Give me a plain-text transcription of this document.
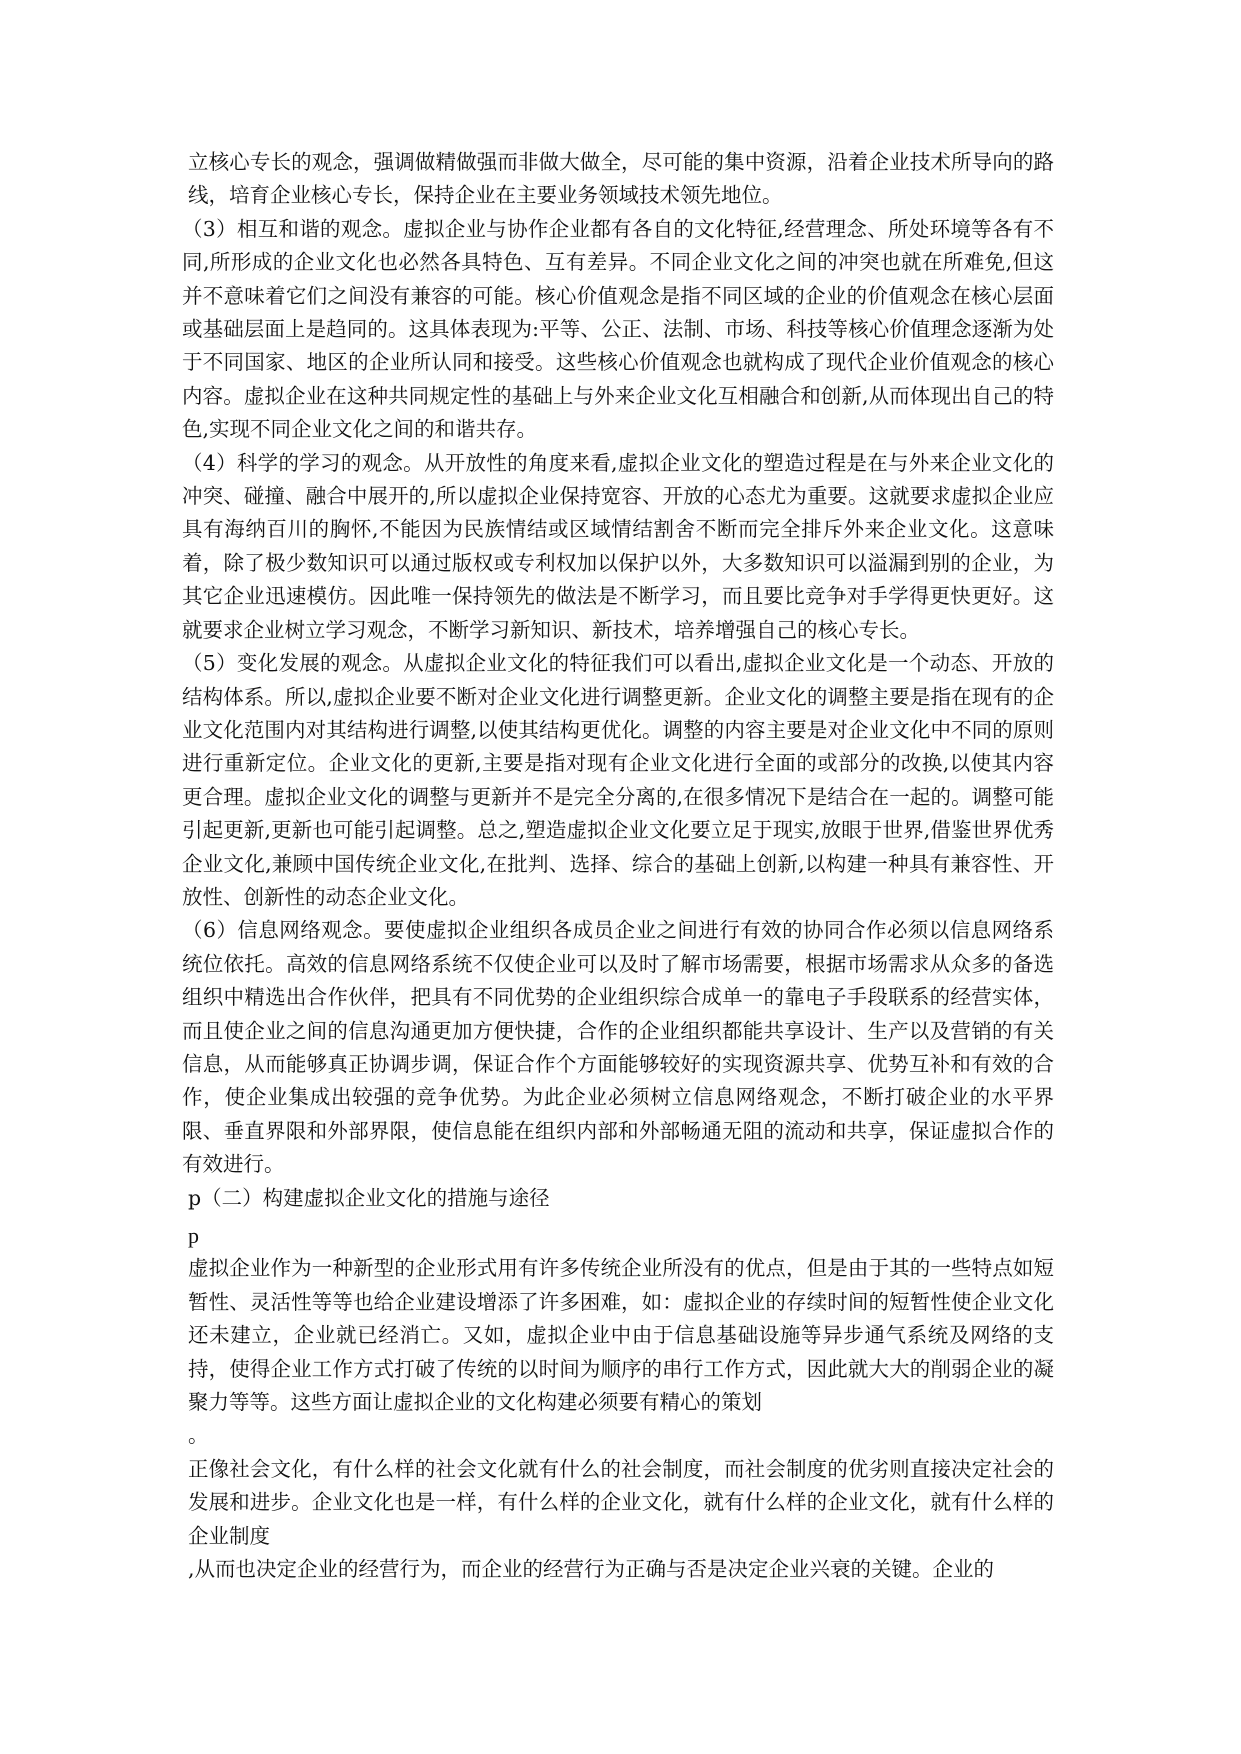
立核心专长的观念，强调做精做强而非做大做全，尽可能的集中资源，沿着企业技术所导向的路线，培育企业核心专长，保持企业在主要业务领域技术领先地位。

（3）相互和谐的观念。虚拟企业与协作企业都有各自的文化特征,经营理念、所处环境等各有不同,所形成的企业文化也必然各具特色、互有差异。不同企业文化之间的冲突也就在所难免,但这并不意味着它们之间没有兼容的可能。核心价值观念是指不同区域的企业的价值观念在核心层面或基础层面上是趋同的。这具体表现为:平等、公正、法制、市场、科技等核心价值理念逐渐为处于不同国家、地区的企业所认同和接受。这些核心价值观念也就构成了现代企业价值观念的核心内容。虚拟企业在这种共同规定性的基础上与外来企业文化互相融合和创新,从而体现出自己的特色,实现不同企业文化之间的和谐共存。

（4）科学的学习的观念。从开放性的角度来看,虚拟企业文化的塑造过程是在与外来企业文化的冲突、碰撞、融合中展开的,所以虚拟企业保持宽容、开放的心态尤为重要。这就要求虚拟企业应具有海纳百川的胸怀,不能因为民族情结或区域情结割舍不断而完全排斥外来企业文化。这意味着，除了极少数知识可以通过版权或专利权加以保护以外，大多数知识可以溢漏到别的企业，为其它企业迅速模仿。因此唯一保持领先的做法是不断学习，而且要比竞争对手学得更快更好。这就要求企业树立学习观念，不断学习新知识、新技术，培养增强自己的核心专长。

（5）变化发展的观念。从虚拟企业文化的特征我们可以看出,虚拟企业文化是一个动态、开放的结构体系。所以,虚拟企业要不断对企业文化进行调整更新。企业文化的调整主要是指在现有的企业文化范围内对其结构进行调整,以使其结构更优化。调整的内容主要是对企业文化中不同的原则进行重新定位。企业文化的更新,主要是指对现有企业文化进行全面的或部分的改换,以使其内容更合理。虚拟企业文化的调整与更新并不是完全分离的,在很多情况下是结合在一起的。调整可能引起更新,更新也可能引起调整。总之,塑造虚拟企业文化要立足于现实,放眼于世界,借鉴世界优秀企业文化,兼顾中国传统企业文化,在批判、选择、综合的基础上创新,以构建一种具有兼容性、开放性、创新性的动态企业文化。

（6）信息网络观念。要使虚拟企业组织各成员企业之间进行有效的协同合作必须以信息网络系统位依托。高效的信息网络系统不仅使企业可以及时了解市场需要，根据市场需求从众多的备选组织中精选出合作伙伴，把具有不同优势的企业组织综合成单一的靠电子手段联系的经营实体，而且使企业之间的信息沟通更加方便快捷，合作的企业组织都能共享设计、生产以及营销的有关信息，从而能够真正协调步调，保证合作个方面能够较好的实现资源共享、优势互补和有效的合作，使企业集成出较强的竞争优势。为此企业必须树立信息网络观念，不断打破企业的水平界限、垂直界限和外部界限，使信息能在组织内部和外部畅通无阻的流动和共享，保证虚拟合作的有效进行。

p（二）构建虚拟企业文化的措施与途径

p

虚拟企业作为一种新型的企业形式用有许多传统企业所没有的优点，但是由于其的一些特点如短暂性、灵活性等等也给企业建设增添了许多困难，如：虚拟企业的存续时间的短暂性使企业文化还未建立，企业就已经消亡。又如，虚拟企业中由于信息基础设施等异步通气系统及网络的支持，使得企业工作方式打破了传统的以时间为顺序的串行工作方式，因此就大大的削弱企业的凝聚力等等。这些方面让虚拟企业的文化构建必须要有精心的策划

。

正像社会文化，有什么样的社会文化就有什么的社会制度，而社会制度的优劣则直接决定社会的发展和进步。企业文化也是一样，有什么样的企业文化，就有什么样的企业文化，就有什么样的企业制度

,从而也决定企业的经营行为，而企业的经营行为正确与否是决定企业兴衰的关键。企业的
